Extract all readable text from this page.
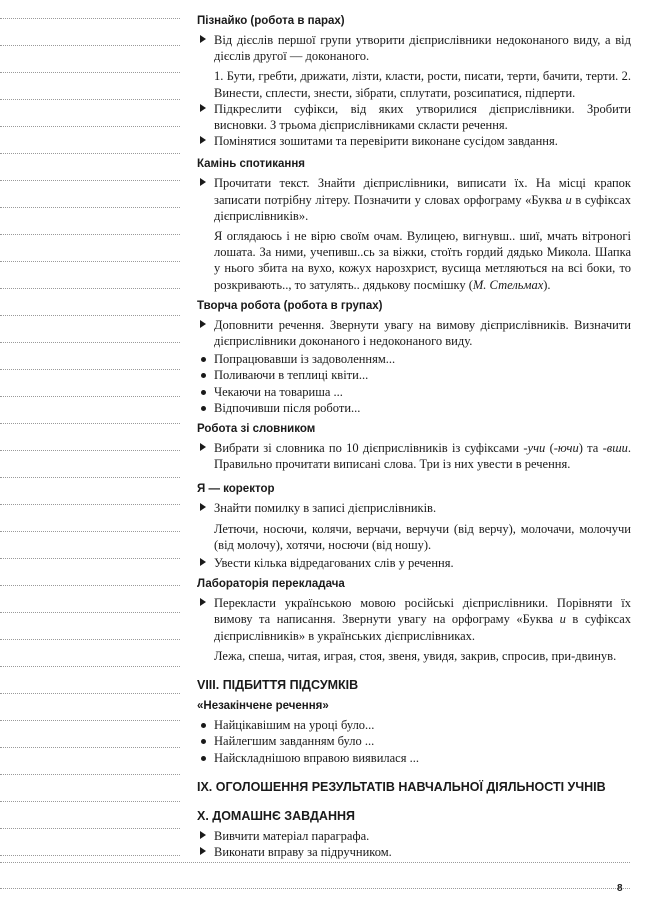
Пізнайко (робота в парах)

Від дієслів першої групи утворити дієприслівники недоконаного виду, а від дієслів другої — доконаного.
1. Бути, гребти, дрижати, лізти, класти, рости, писати, терти, бачити, терти. 2. Винести, сплести, знести, зібрати, сплутати, розсипатися, підперти.
Підкреслити суфікси, від яких утворилися дієприслівники. Зробити висновки. З трьома дієприслівниками скласти речення.
Помінятися зошитами та перевірити виконане сусідом завдання.

Камінь спотикання

Прочитати текст. Знайти дієприслівники, виписати їх. На місці крапок записати потрібну літеру. Позначити у словах орфограму «Буква и в суфіксах дієприслівників».
Я оглядаюсь і не вірю своїм очам. Вулицею, вигнувш.. шиї, мчать вітроногі лошата. За ними, учепивш..сь за віжки, стоїть гордий дядько Микола. Шапка у нього збита на вухо, кожух нарозхрист, вусища метляються на всі боки, то розкривають.., то затулять.. дядькову посмішку (М. Стельмах).

Творча робота (робота в групах)

Доповнити речення. Звернути увагу на вимову дієприслівників. Визначити дієприслівники доконаного і недоконаного виду.
Попрацювавши із задоволенням...
Поливаючи в теплиці квіти...
Чекаючи на товариша ...
Відпочивши після роботи...

Робота зі словником

Вибрати зі словника по 10 дієприслівників із суфіксами -учи (-ючи) та -вши. Правильно прочитати виписані слова. Три із них увести в речення.

Я — коректор

Знайти помилку в записі дієприслівників.
Летючи, носючи, колячи, верчачи, верчучи (від верчу), молочачи, молочучи (від молочу), хотячи, носючи (від ношу).
Увести кілька відредагованих слів у речення.

Лабораторія перекладача

Перекласти українською мовою російські дієприслівники. Порівняти їх вимову та написання. Звернути увагу на орфограму «Буква и в суфіксах дієприслівників» в українських дієприслівниках.
Лежа, спеша, читая, играя, стоя, звеня, увидя, закрив, спросив, при-двинув.

VIII. ПІДБИТТЯ ПІДСУМКІВ

«Незакінчене речення»

Найцікавішим на уроці було...
Найлегшим завданням було ...
Найскладнішою вправою виявилася ...

IX. ОГОЛОШЕННЯ РЕЗУЛЬТАТІВ НАВЧАЛЬНОЇ ДІЯЛЬНОСТІ УЧНІВ

X. ДОМАШНЄ ЗАВДАННЯ

Вивчити матеріал параграфа.
Виконати вправу за підручником.
8
